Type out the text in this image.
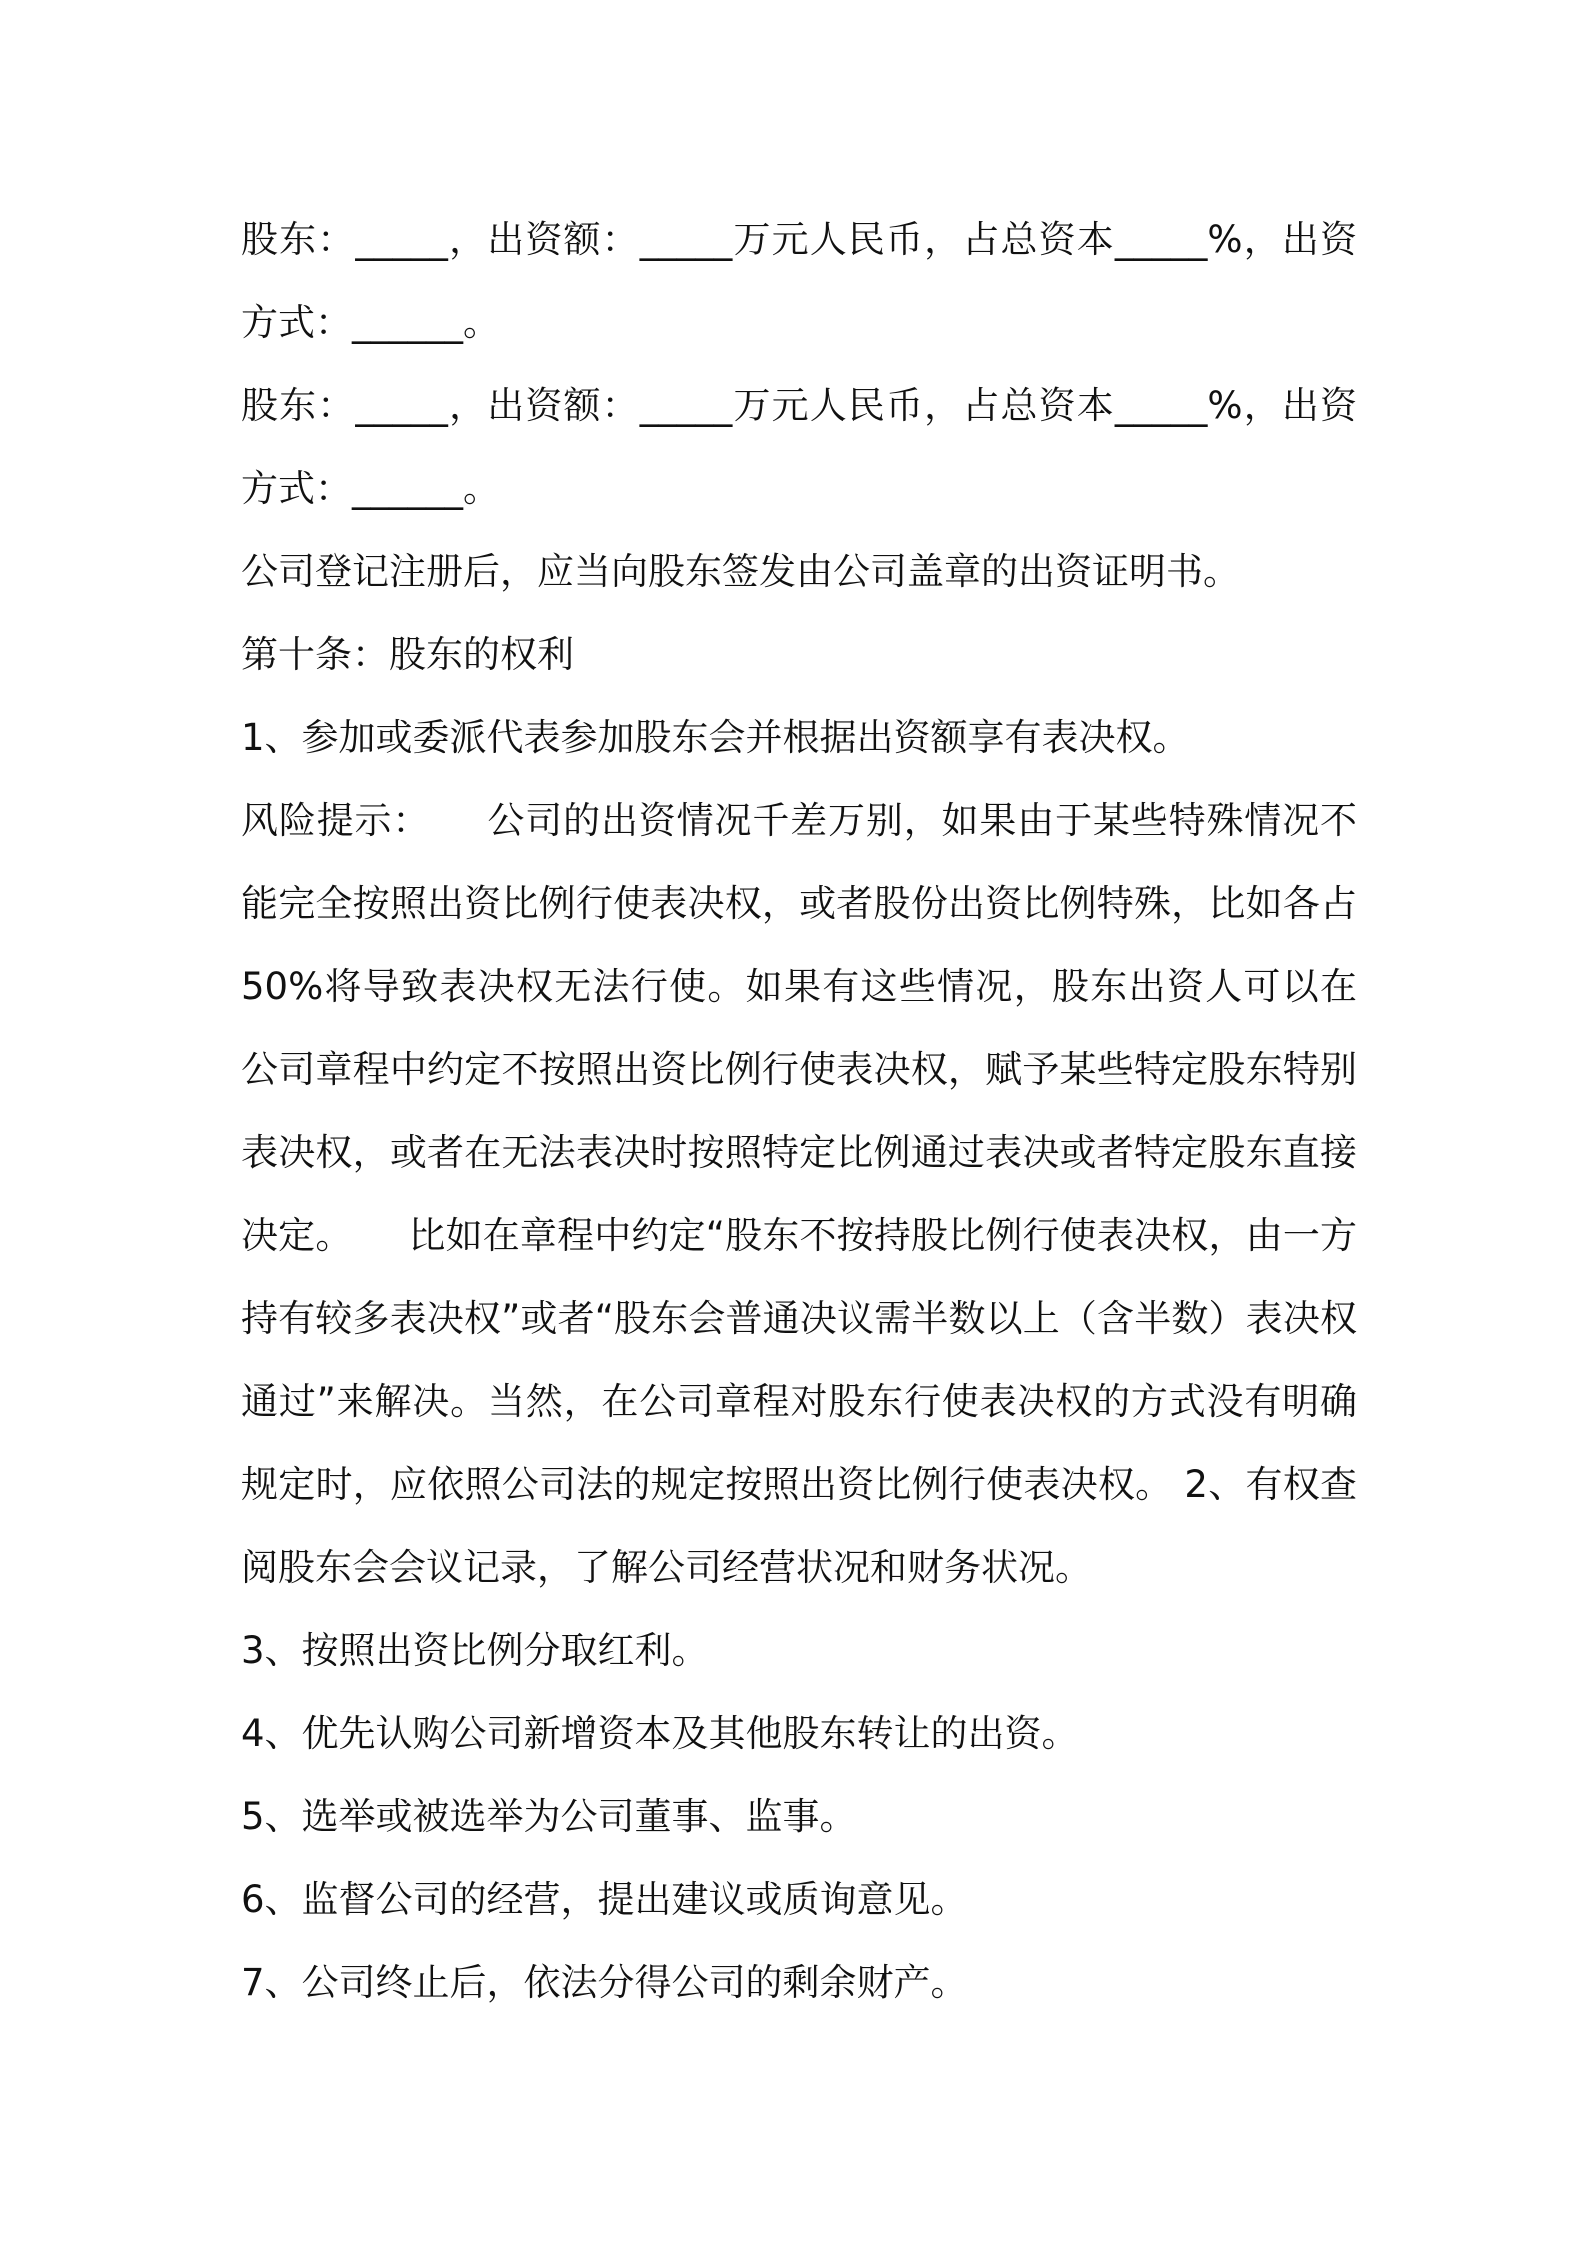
股东：_____，出资额：_____万元人民币，占总资本_____%，出资方式：______。

股东：_____，出资额：_____万元人民币，占总资本_____%，出资方式：______。

公司登记注册后，应当向股东签发由公司盖章的出资证明书。

第十条：股东的权利

1、参加或委派代表参加股东会并根据出资额享有表决权。

风险提示：　　公司的出资情况千差万别，如果由于某些特殊情况不能完全按照出资比例行使表决权，或者股份出资比例特殊，比如各占50%将导致表决权无法行使。如果有这些情况，股东出资人可以在公司章程中约定不按照出资比例行使表决权，赋予某些特定股东特别表决权，或者在无法表决时按照特定比例通过表决或者特定股东直接决定。　　比如在章程中约定“股东不按持股比例行使表决权，由一方持有较多表决权”或者“股东会普通决议需半数以上（含半数）表决权通过”来解决。当然，在公司章程对股东行使表决权的方式没有明确规定时，应依照公司法的规定按照出资比例行使表决权。 2、有权查阅股东会会议记录，了解公司经营状况和财务状况。

3、按照出资比例分取红利。

4、优先认购公司新增资本及其他股东转让的出资。

5、选举或被选举为公司董事、监事。

6、监督公司的经营，提出建议或质询意见。

7、公司终止后，依法分得公司的剩余财产。
